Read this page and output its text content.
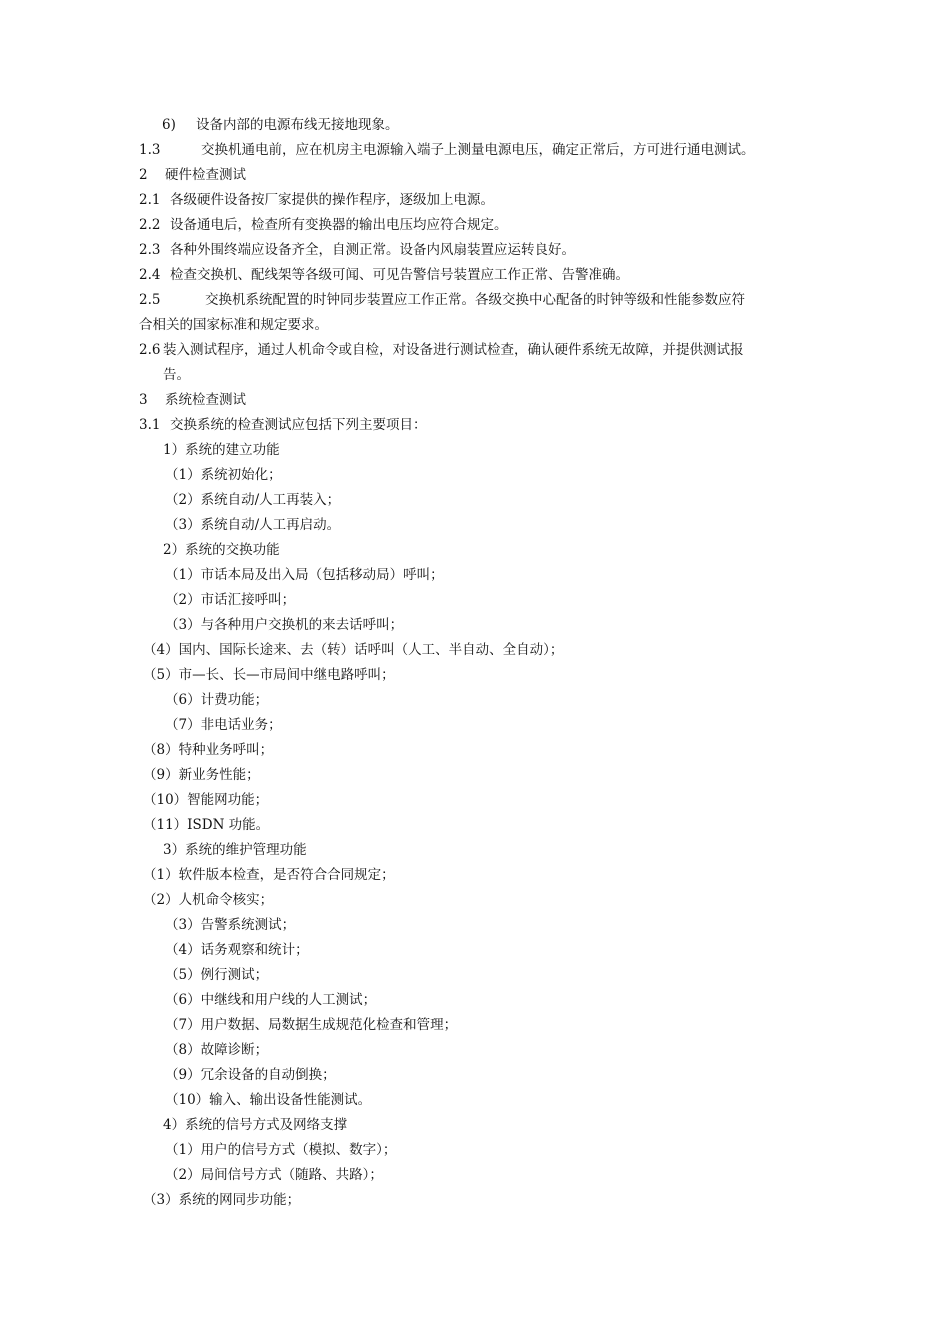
6) 设备内部的电源布线无接地现象。
1.3	交换机通电前，应在机房主电源输入端子上测量电源电压，确定正常后，方可进行通电测试。
2 硬件检查测试
2.1 各级硬件设备按厂家提供的操作程序，逐级加上电源。
2.2 设备通电后，检查所有变换器的输出电压均应符合规定。
2.3 各种外围终端应设备齐全，自测正常。设备内风扇装置应运转良好。
2.4 检查交换机、配线架等各级可闻、可见告警信号装置应工作正常、告警准确。
2.5	交换机系统配置的时钟同步装置应工作正常。各级交换中心配备的时钟等级和性能参数应符
合相关的国家标准和规定要求。
2.6 装入测试程序，通过人机命令或自检，对设备进行测试检查，确认硬件系统无故障，并提供测试报
告。
3 系统检查测试
3.1 交换系统的检查测试应包括下列主要项目：
1）系统的建立功能
（1）系统初始化；
（2）系统自动/人工再装入；
（3）系统自动/人工再启动。
2）系统的交换功能
（1）市话本局及出入局（包括移动局）呼叫；
（2）市话汇接呼叫；
（3）与各种用户交换机的来去话呼叫；
（4）国内、国际长途来、去（转）话呼叫（人工、半自动、全自动）；
（5）市—长、长—市局间中继电路呼叫；
（6）计费功能；
（7）非电话业务；
（8）特种业务呼叫；
（9）新业务性能；
（10）智能网功能；
（11）ISDN 功能。
3）系统的维护管理功能
（1）软件版本检查，是否符合合同规定；
（2）人机命令核实；
（3）告警系统测试；
（4）话务观察和统计；
（5）例行测试；
（6）中继线和用户线的人工测试；
（7）用户数据、局数据生成规范化检查和管理；
（8）故障诊断；
（9）冗余设备的自动倒换；
（10）输入、输出设备性能测试。
4）系统的信号方式及网络支撑
（1）用户的信号方式（模拟、数字）；
（2）局间信号方式（随路、共路）；
（3）系统的网同步功能；
